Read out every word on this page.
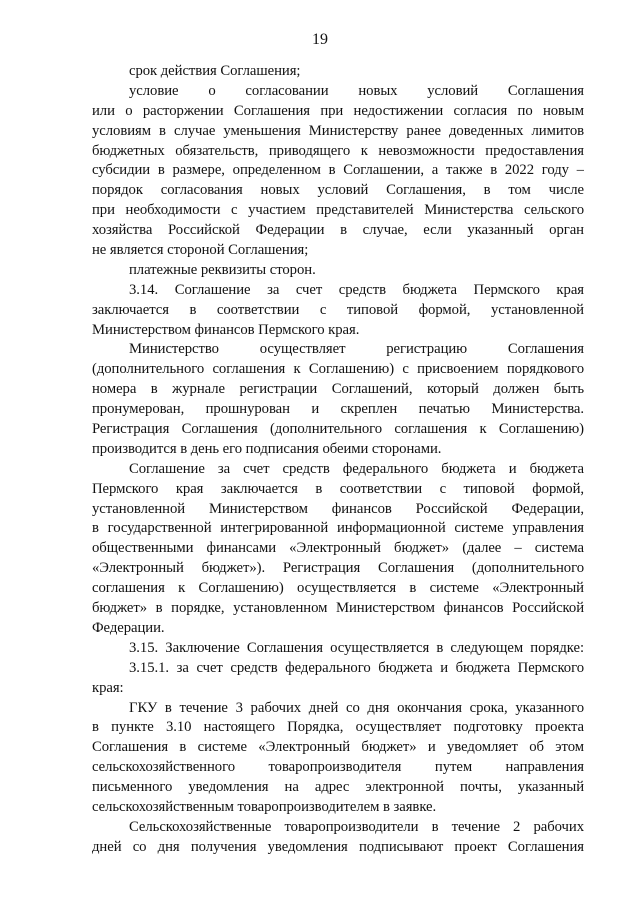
19
срок действия Соглашения;
условие о согласовании новых условий Соглашения
или о расторжении Соглашения при недостижении согласия по новым
условиям в случае уменьшения Министерству ранее доведенных лимитов
бюджетных обязательств, приводящего к невозможности предоставления
субсидии в размере, определенном в Соглашении, а также в 2022 году –
порядок согласования новых условий Соглашения, в том числе
при необходимости с участием представителей Министерства сельского
хозяйства Российской Федерации в случае, если указанный орган
не является стороной Соглашения;
платежные реквизиты сторон.
3.14. Соглашение за счет средств бюджета Пермского края
заключается в соответствии с типовой формой, установленной
Министерством финансов Пермского края.
Министерство осуществляет регистрацию Соглашения
(дополнительного соглашения к Соглашению) с присвоением порядкового
номера в журнале регистрации Соглашений, который должен быть
пронумерован, прошнурован и скреплен печатью Министерства.
Регистрация Соглашения (дополнительного соглашения к Соглашению)
производится в день его подписания обеими сторонами.
Соглашение за счет средств федерального бюджета и бюджета
Пермского края заключается в соответствии с типовой формой,
установленной Министерством финансов Российской Федерации,
в государственной интегрированной информационной системе управления
общественными финансами «Электронный бюджет» (далее – система
«Электронный бюджет»). Регистрация Соглашения (дополнительного
соглашения к Соглашению) осуществляется в системе «Электронный
бюджет» в порядке, установленном Министерством финансов Российской
Федерации.
3.15. Заключение Соглашения осуществляется в следующем порядке:
3.15.1. за счет средств федерального бюджета и бюджета Пермского
края:
ГКУ в течение 3 рабочих дней со дня окончания срока, указанного
в пункте 3.10 настоящего Порядка, осуществляет подготовку проекта
Соглашения в системе «Электронный бюджет» и уведомляет об этом
сельскохозяйственного товаропроизводителя путем направления
письменного уведомления на адрес электронной почты, указанный
сельскохозяйственным товаропроизводителем в заявке.
Сельскохозяйственные товаропроизводители в течение 2 рабочих
дней со дня получения уведомления подписывают проект Соглашения
